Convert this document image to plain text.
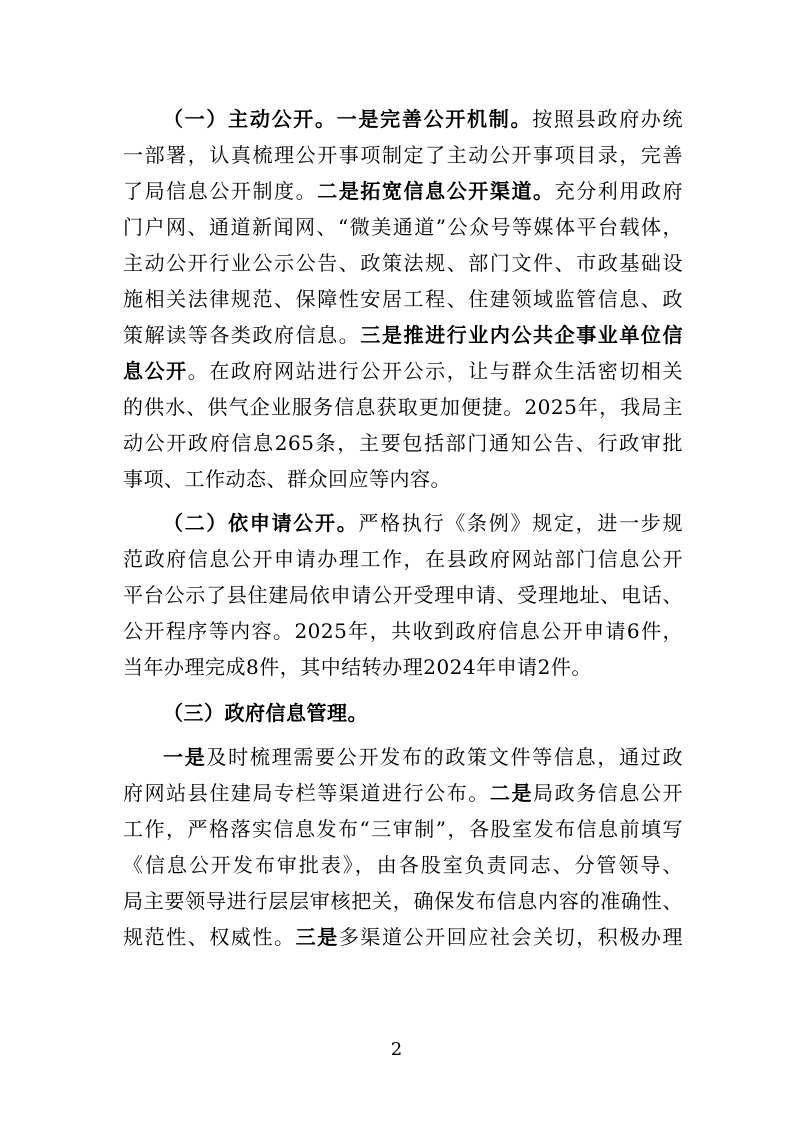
（一）主动公开。一是完善公开机制。按照县政府办统
一部署，认真梳理公开事项制定了主动公开事项目录，完善
了局信息公开制度。二是拓宽信息公开渠道。充分利用政府
门户网、通道新闻网、“微美通道”公众号等媒体平台载体，
主动公开行业公示公告、政策法规、部门文件、市政基础设
施相关法律规范、保障性安居工程、住建领域监管信息、政
策解读等各类政府信息。三是推进行业内公共企事业单位信
息公开。在政府网站进行公开公示，让与群众生活密切相关
的供水、供气企业服务信息获取更加便捷。2025年，我局主
动公开政府信息265条，主要包括部门通知公告、行政审批
事项、工作动态、群众回应等内容。
（二）依申请公开。严格执行《条例》规定，进一步规
范政府信息公开申请办理工作，在县政府网站部门信息公开
平台公示了县住建局依申请公开受理申请、受理地址、电话、
公开程序等内容。2025年，共收到政府信息公开申请6件，
当年办理完成8件，其中结转办理2024年申请2件。
（三）政府信息管理。
一是及时梳理需要公开发布的政策文件等信息，通过政
府网站县住建局专栏等渠道进行公布。二是局政务信息公开
工作，严格落实信息发布“三审制”，各股室发布信息前填写
《信息公开发布审批表》，由各股室负责同志、分管领导、
局主要领导进行层层审核把关，确保发布信息内容的准确性、
规范性、权威性。三是多渠道公开回应社会关切，积极办理
2
